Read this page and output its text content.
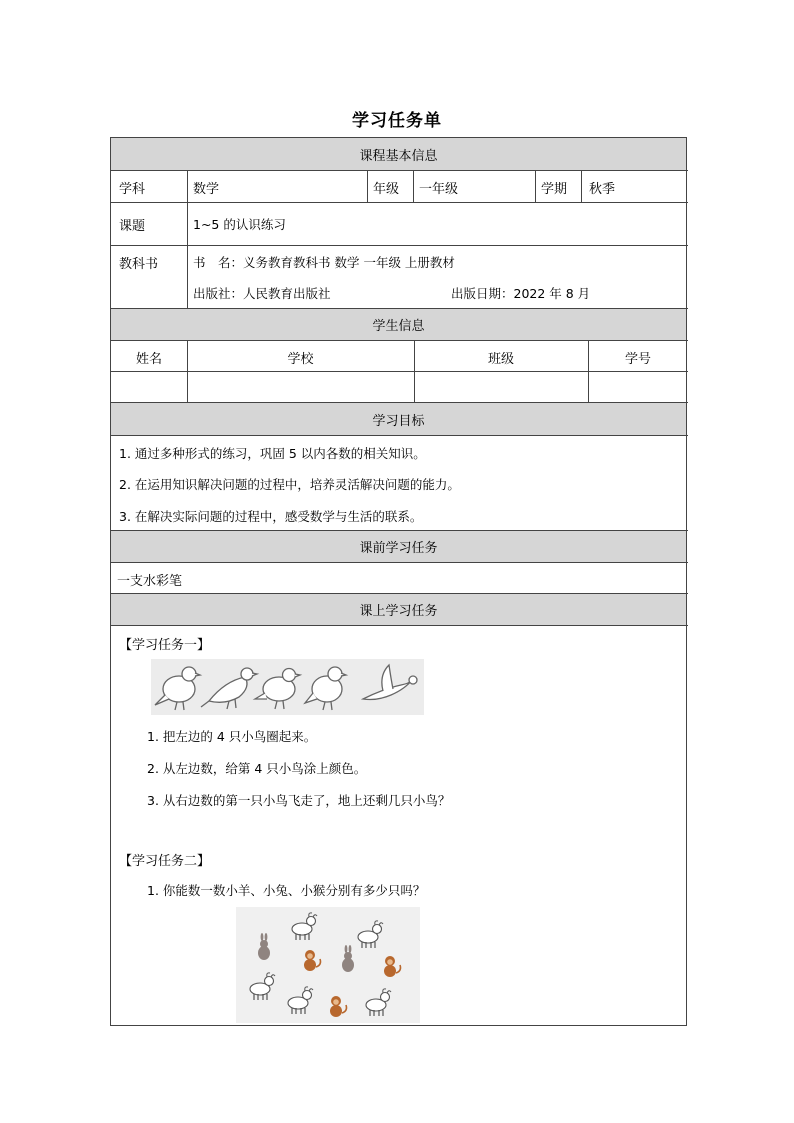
学习任务单
课程基本信息
学科	数学	年级 一年级	学期 秋季
课题	1~5 的认识练习
教科书	书　名：义务教育教科书 数学 一年级 上册教材
出版社：人民教育出版社	出版日期：2022 年 8 月
学生信息
姓名	学校	班级	学号
学习目标
1. 通过多种形式的练习，巩固 5 以内各数的相关知识。
2. 在运用知识解决问题的过程中，培养灵活解决问题的能力。
3. 在解决实际问题的过程中，感受数学与生活的联系。
课前学习任务
一支水彩笔
课上学习任务
【学习任务一】
1. 把左边的 4 只小鸟圈起来。
2. 从左边数，给第 4 只小鸟涂上颜色。
3. 从右边数的第一只小鸟飞走了，地上还剩几只小鸟？
【学习任务二】
1. 你能数一数小羊、小兔、小猴分别有多少只吗？
